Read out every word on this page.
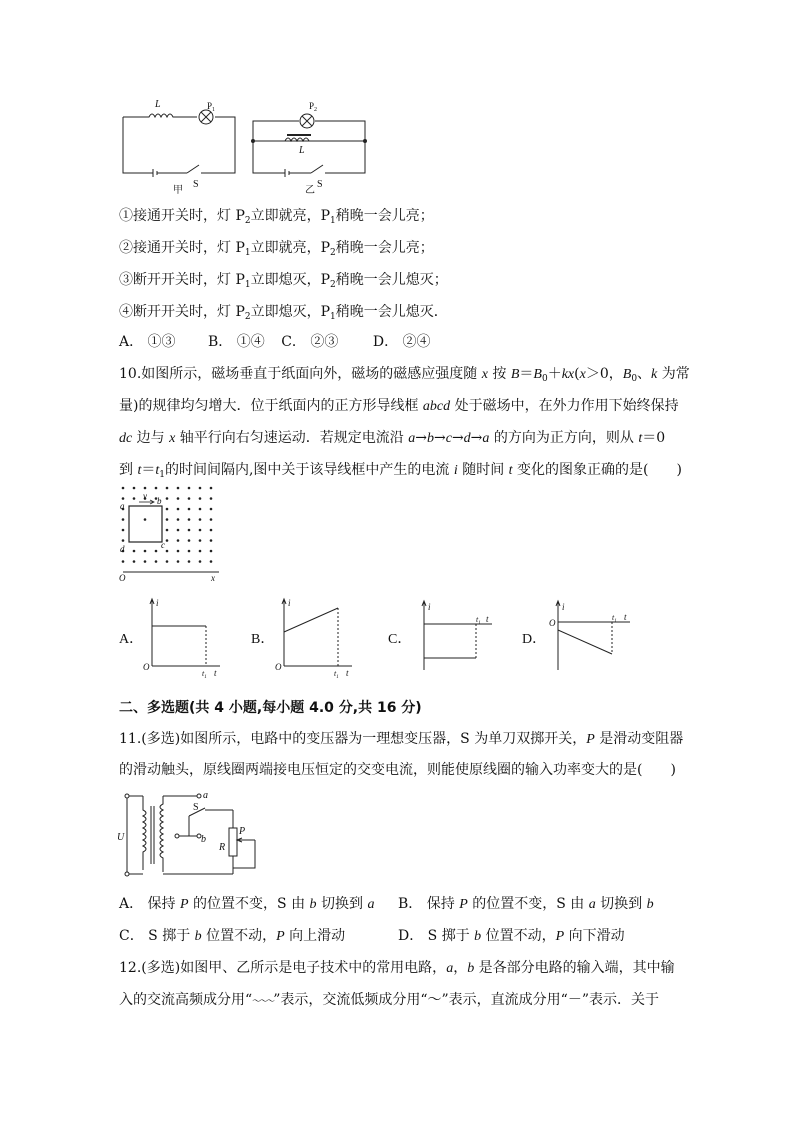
L	$P_1$
S
甲
$P_2$
L
S
乙
①接通开关时，灯 $P_2$立即就亮，$P_1$稍晚一会儿亮；
②接通开关时，灯 $P_1$立即就亮，$P_2$稍晚一会儿亮；
③断开开关时，灯 $P_1$立即熄灭，$P_2$稍晚一会儿熄灭；
④断开开关时，灯 $P_2$立即熄灭，$P_1$稍晚一会儿熄灭．
A． ①③ B． ①④ C． ②③ D． ②④
10.如图所示，磁场垂直于纸面向外，磁场的磁感应强度随 x 按 $B=B_0+kx(x>0$，$B_0$、k 为常
量)的规律均匀增大．位于纸面内的正方形导线框 abcd 处于磁场中，在外力作用下始终保持
dc 边与 x 轴平行向右匀速运动．若规定电流沿 a→b→c→d→a 的方向为正方向，则从 t＝0
到 $t=t_1$的时间间隔内,图中关于该导线框中产生的电流 i 随时间 t 变化的图象正确的是(　　)
a	b
c
d
v
O	x
A．	B．	C．	D．
i
O
$t_1$ t
i
O
$t_1$ t
i
$t_1$ t
i
O
$t_1$ t
二、多选题(共 4 小题,每小题 4.0 分,共 16 分)
11.(多选)如图所示，电路中的变压器为一理想变压器，S 为单刀双掷开关，P 是滑动变阻器
的滑动触头，原线圈两端接电压恒定的交变电流，则能使原线圈的输入功率变大的是(　　)
U
S
a
b
P
R
A． 保持 P 的位置不变，S 由 b 切换到 a B． 保持 P 的位置不变，S 由 a 切换到 b
C． S 掷于 b 位置不动，P 向上滑动	D． S 掷于 b 位置不动，P 向下滑动
12.(多选)如图甲、乙所示是电子技术中的常用电路，a，b 是各部分电路的输入端，其中输
入的交流高频成分用“～～～”表示，交流低频成分用“～”表示，直流成分用“－”表示．关于
